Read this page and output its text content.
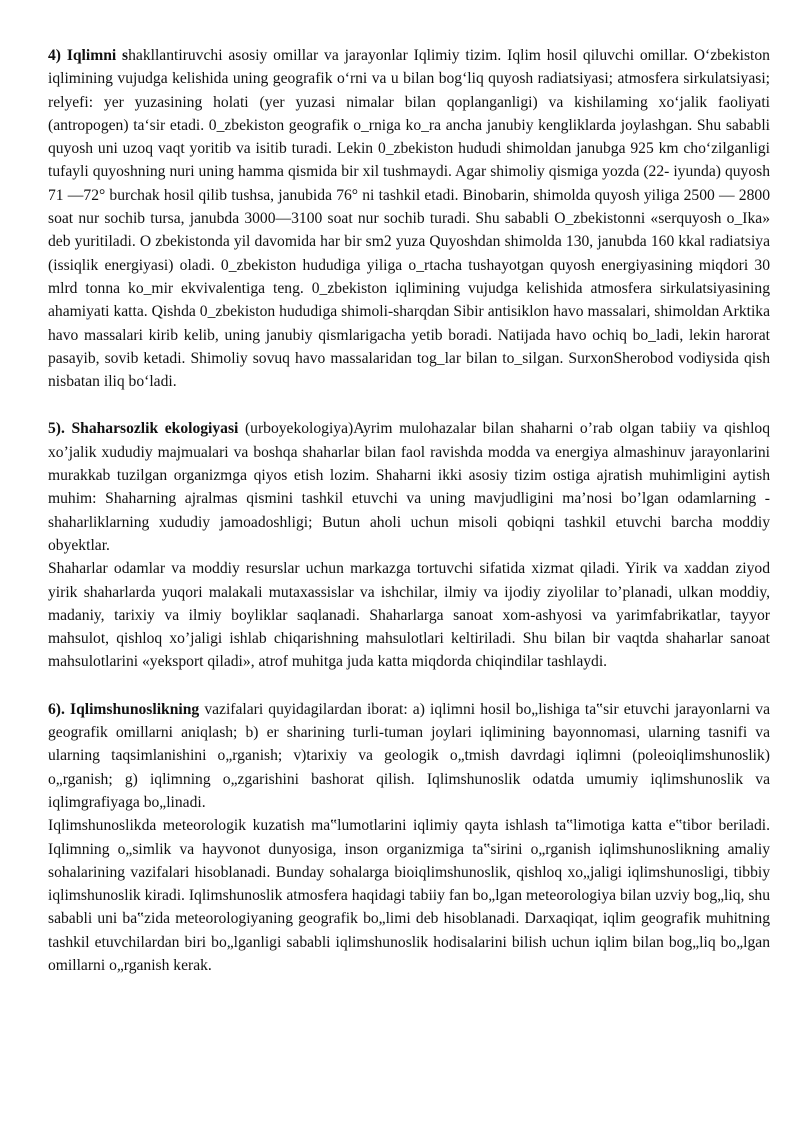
4) Iqlimni shakllantiruvchi asosiy omillar va jarayonlar Iqlimiy tizim. Iqlim hosil qiluvchi omillar. O‘zbekiston iqlimining vujudga kelishida uning geografik o‘rni va u bilan bog‘liq quyosh radiatsiyasi; atmosfera sirkulatsiyasi; relyefi: yer yuzasining holati (yer yuzasi nimalar bilan qoplanganligi) va kishilaming xo‘jalik faoliyati (antropogen) ta‘sir etadi. 0_zbekiston geografik o_rniga ko_ra ancha janubiy kengliklarda joylashgan. Shu sababli quyosh uni uzoq vaqt yoritib va isitib turadi. Lekin 0_zbekiston hududi shimoldan janubga 925 km cho‘zilganligi tufayli quyoshning nuri uning hamma qismida bir xil tushmaydi. Agar shimoliy qismiga yozda (22- iyunda) quyosh 71 —72° burchak hosil qilib tushsa, janubida 76° ni tashkil etadi. Binobarin, shimolda quyosh yiliga 2500 — 2800 soat nur sochib tursa, janubda 3000—3100 soat nur sochib turadi. Shu sababli O_zbekistonni «serquyosh o_Ika» deb yuritiladi. O zbekistonda yil davomida har bir sm2 yuza Quyoshdan shimolda 130, janubda 160 kkal radiatsiya (issiqlik energiyasi) oladi. 0_zbekiston hududiga yiliga o_rtacha tushayotgan quyosh energiyasining miqdori 30 mlrd tonna ko_mir ekvivalentiga teng. 0_zbekiston iqlimining vujudga kelishida atmosfera sirkulatsiyasining ahamiyati katta. Qishda 0_zbekiston hududiga shimoli-sharqdan Sibir antisiklon havo massalari, shimoldan Arktika havo massalari kirib kelib, uning janubiy qismlarigacha yetib boradi. Natijada havo ochiq bo_ladi, lekin harorat pasayib, sovib ketadi. Shimoliy sovuq havo massalaridan tog_lar bilan to_silgan. SurxonSherobod vodiysida qish nisbatan iliq bo‘ladi.

5). Shaharsozlik ekologiyasi (urboyekologiya)Ayrim mulohazalar bilan shaharni o’rab olgan tabiiy va qishloq xo’jalik xududiy majmualari va boshqa shaharlar bilan faol ravishda modda va energiya almashinuv jarayonlarini murakkab tuzilgan organizmga qiyos etish lozim. Shaharni ikki asosiy tizim ostiga ajratish muhimligini aytish muhim: Shaharning ajralmas qismini tashkil etuvchi va uning mavjudligini ma’nosi bo’lgan odamlarning - shaharliklarning xududiy jamoadoshligi; Butun aholi uchun misoli qobiqni tashkil etuvchi barcha moddiy obyektlar.

Shaharlar odamlar va moddiy resurslar uchun markazga tortuvchi sifatida xizmat qiladi. Yirik va xaddan ziyod yirik shaharlarda yuqori malakali mutaxassislar va ishchilar, ilmiy va ijodiy ziyolilar to’planadi, ulkan moddiy, madaniy, tarixiy va ilmiy boyliklar saqlanadi. Shaharlarga sanoat xom-ashyosi va yarimfabrikatlar, tayyor mahsulot, qishloq xo’jaligi ishlab chiqarishning mahsulotlari keltiriladi. Shu bilan bir vaqtda shaharlar sanoat mahsulotlarini «yeksport qiladi», atrof muhitga juda katta miqdorda chiqindilar tashlaydi.

6). Iqlimshunoslikning vazifalari quyidagilardan iborat: a) iqlimni hosil bo„lishiga ta‟sir etuvchi jarayonlarni va geografik omillarni aniqlash; b) er sharining turli-tuman joylari iqlimining bayonnomasi, ularning tasnifi va ularning taqsimlanishini o„rganish; v)tarixiy va geologik o„tmish davrdagi iqlimni (poleoiqlimshunoslik) o„rganish; g) iqlimning o„zgarishini bashorat qilish. Iqlimshunoslik odatda umumiy iqlimshunoslik va iqlimgrafiyaga bo„linadi.

Iqlimshunoslikda meteorologik kuzatish ma‟lumotlarini iqlimiy qayta ishlash ta‟limotiga katta e‟tibor beriladi. Iqlimning o„simlik va hayvonot dunyosiga, inson organizmiga ta‟sirini o„rganish iqlimshunoslikning amaliy sohalarining vazifalari hisoblanadi. Bunday sohalarga bioiqlimshunoslik, qishloq xo„jaligi iqlimshunosligi, tibbiy iqlimshunoslik kiradi. Iqlimshunoslik atmosfera haqidagi tabiiy fan bo„lgan meteorologiya bilan uzviy bog„liq, shu sababli uni ba‟zida meteorologiyaning geografik bo„limi deb hisoblanadi. Darxaqiqat, iqlim geografik muhitning tashkil etuvchilardan biri bo„lganligi sababli iqlimshunoslik hodisalarini bilish uchun iqlim bilan bog„liq bo„lgan omillarni o„rganish kerak.
